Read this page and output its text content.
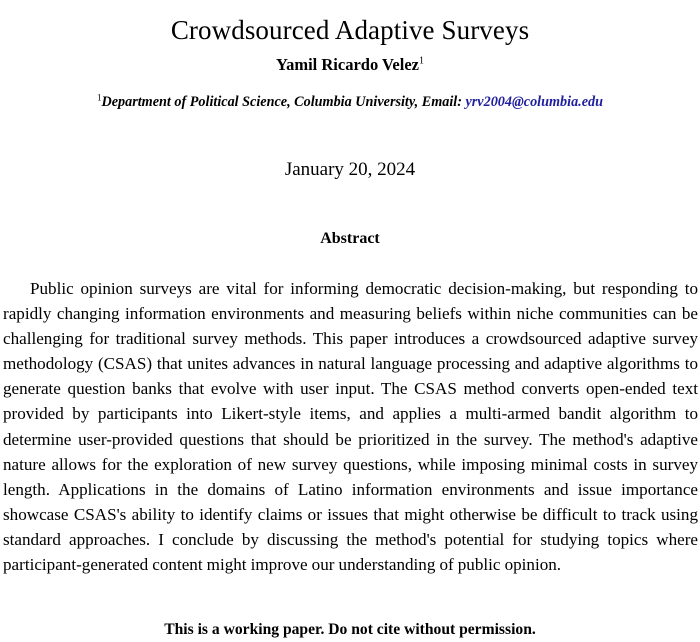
Crowdsourced Adaptive Surveys
Yamil Ricardo Velez$^1$
$^1$Department of Political Science, Columbia University, Email: yrv2004@columbia.edu
January 20, 2024
Abstract
Public opinion surveys are vital for informing democratic decision-making, but responding to rapidly changing information environments and measuring beliefs within niche communities can be challenging for traditional survey methods. This paper introduces a crowdsourced adaptive survey methodology (CSAS) that unites advances in natural language processing and adaptive algorithms to generate question banks that evolve with user input. The CSAS method converts open-ended text provided by participants into Likert-style items, and applies a multi-armed bandit algorithm to determine user-provided questions that should be prioritized in the survey. The method's adaptive nature allows for the exploration of new survey questions, while imposing minimal costs in survey length. Applications in the domains of Latino information environments and issue importance showcase CSAS's ability to identify claims or issues that might otherwise be difficult to track using standard approaches. I conclude by discussing the method's potential for studying topics where participant-generated content might improve our understanding of public opinion.
This is a working paper. Do not cite without permission.
